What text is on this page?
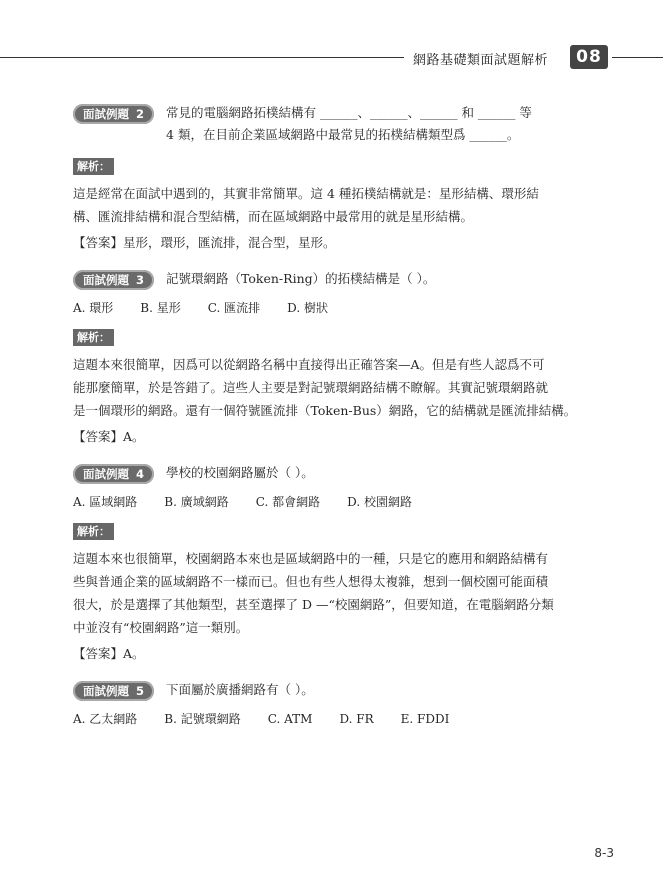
網路基礎類面試題解析	08
面試例題 2 常見的電腦網路拓樸結構有 ______、______、______ 和 ______ 等
4 類，在目前企業區域網路中最常見的拓樸結構類型爲 ______。
解析：
這是經常在面試中遇到的，其實非常簡單。這 4 種拓樸結構就是：星形結構、環形結
構、匯流排結構和混合型結構，而在區域網路中最常用的就是星形結構。
【答案】星形，環形，匯流排，混合型，星形。
面試例題 3 記號環網路（Token-Ring）的拓樸結構是（ ）。
A. 環形 B. 星形 C. 匯流排 D. 樹狀
解析：
這題本來很簡單，因爲可以從網路名稱中直接得出正確答案—A。但是有些人認爲不可
能那麼簡單，於是答錯了。這些人主要是對記號環網路結構不瞭解。其實記號環網路就
是一個環形的網路。還有一個符號匯流排（Token-Bus）網路，它的結構就是匯流排結構。
【答案】A。
面試例題 4 學校的校園網路屬於（ ）。
A. 區域網路 B. 廣域網路 C. 都會網路 D. 校園網路
解析：
這題本來也很簡單，校園網路本來也是區域網路中的一種，只是它的應用和網路結構有
些與普通企業的區域網路不一樣而已。但也有些人想得太複雜，想到一個校園可能面積
很大，於是選擇了其他類型，甚至選擇了 D —“校園網路”，但要知道，在電腦網路分類
中並沒有“校園網路”這一類別。
【答案】A。
面試例題 5 下面屬於廣播網路有（ ）。
A. 乙太網路 B. 記號環網路 C. ATM D. FR E. FDDI
8-3
